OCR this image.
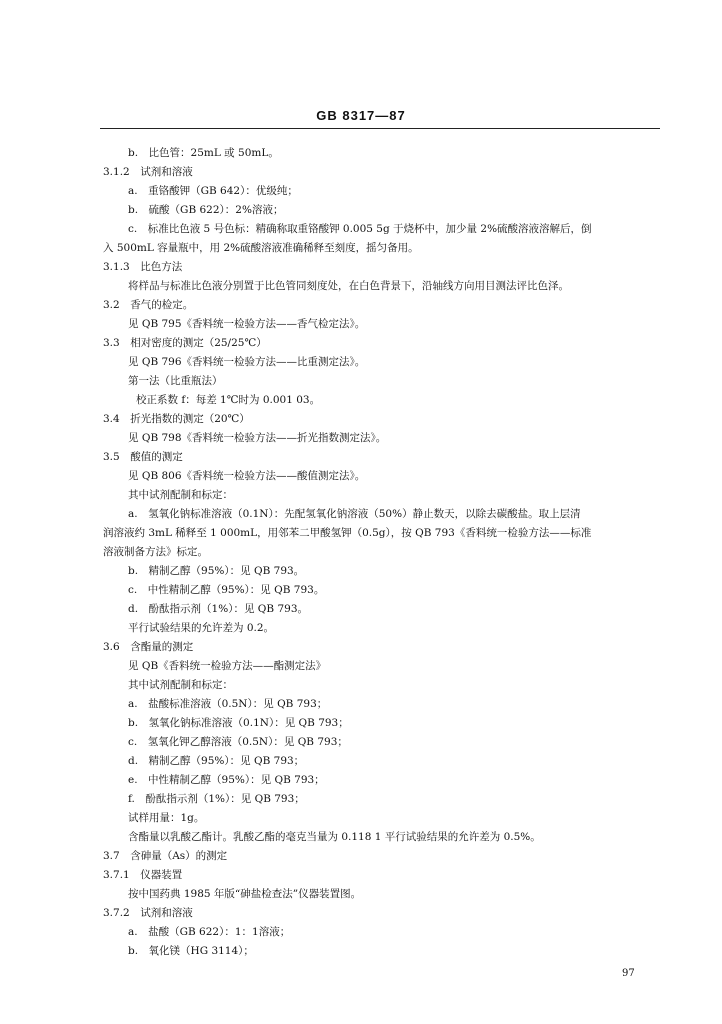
GB 8317—87
b.　比色管：25mL 或 50mL。
3.1.2　试剂和溶液
a.　重铬酸钾（GB 642）：优级纯；
b.　硫酸（GB 622）：2%溶液；
c.　标准比色液 5 号色标：精确称取重铬酸钾 0.005 5g 于烧杯中，加少量 2%硫酸溶液溶解后，倒
入 500mL 容量瓶中，用 2%硫酸溶液准确稀释至刻度，摇匀备用。
3.1.3　比色方法
将样品与标准比色液分别置于比色管同刻度处，在白色背景下，沿轴线方向用目测法评比色泽。
3.2　香气的检定。
见 QB 795《香料统一检验方法——香气检定法》。
3.3　相对密度的测定（25/25℃）
见 QB 796《香料统一检验方法——比重测定法》。
第一法（比重瓶法）
校正系数 f：每差 1℃时为 0.001 03。
3.4　折光指数的测定（20℃）
见 QB 798《香料统一检验方法——折光指数测定法》。
3.5　酸值的测定
见 QB 806《香料统一检验方法——酸值测定法》。
其中试剂配制和标定：
a.　氢氧化钠标准溶液（0.1N）：先配氢氧化钠溶液（50%）静止数天，以除去碳酸盐。取上层清
润溶液约 3mL 稀释至 1 000mL，用邻苯二甲酸氢钾（0.5g），按 QB 793《香料统一检验方法——标准
溶液制备方法》标定。
b.　精制乙醇（95%）：见 QB 793。
c.　中性精制乙醇（95%）：见 QB 793。
d.　酚酞指示剂（1%）：见 QB 793。
平行试验结果的允许差为 0.2。
3.6　含酯量的测定
见 QB《香料统一检验方法——酯测定法》
其中试剂配制和标定：
a.　盐酸标准溶液（0.5N）：见 QB 793；
b.　氢氧化钠标准溶液（0.1N）：见 QB 793；
c.　氢氧化钾乙醇溶液（0.5N）：见 QB 793；
d.　精制乙醇（95%）：见 QB 793；
e.　中性精制乙醇（95%）：见 QB 793；
f.　酚酞指示剂（1%）：见 QB 793；
试样用量：1g。
含酯量以乳酸乙酯计。乳酸乙酯的毫克当量为 0.118 1 平行试验结果的允许差为 0.5%。
3.7　含砷量（As）的测定
3.7.1　仪器装置
按中国药典 1985 年版“砷盐检查法”仪器装置图。
3.7.2　试剂和溶液
a.　盐酸（GB 622）：1：1溶液；
b.　氧化镁（HG 3114）；
97
